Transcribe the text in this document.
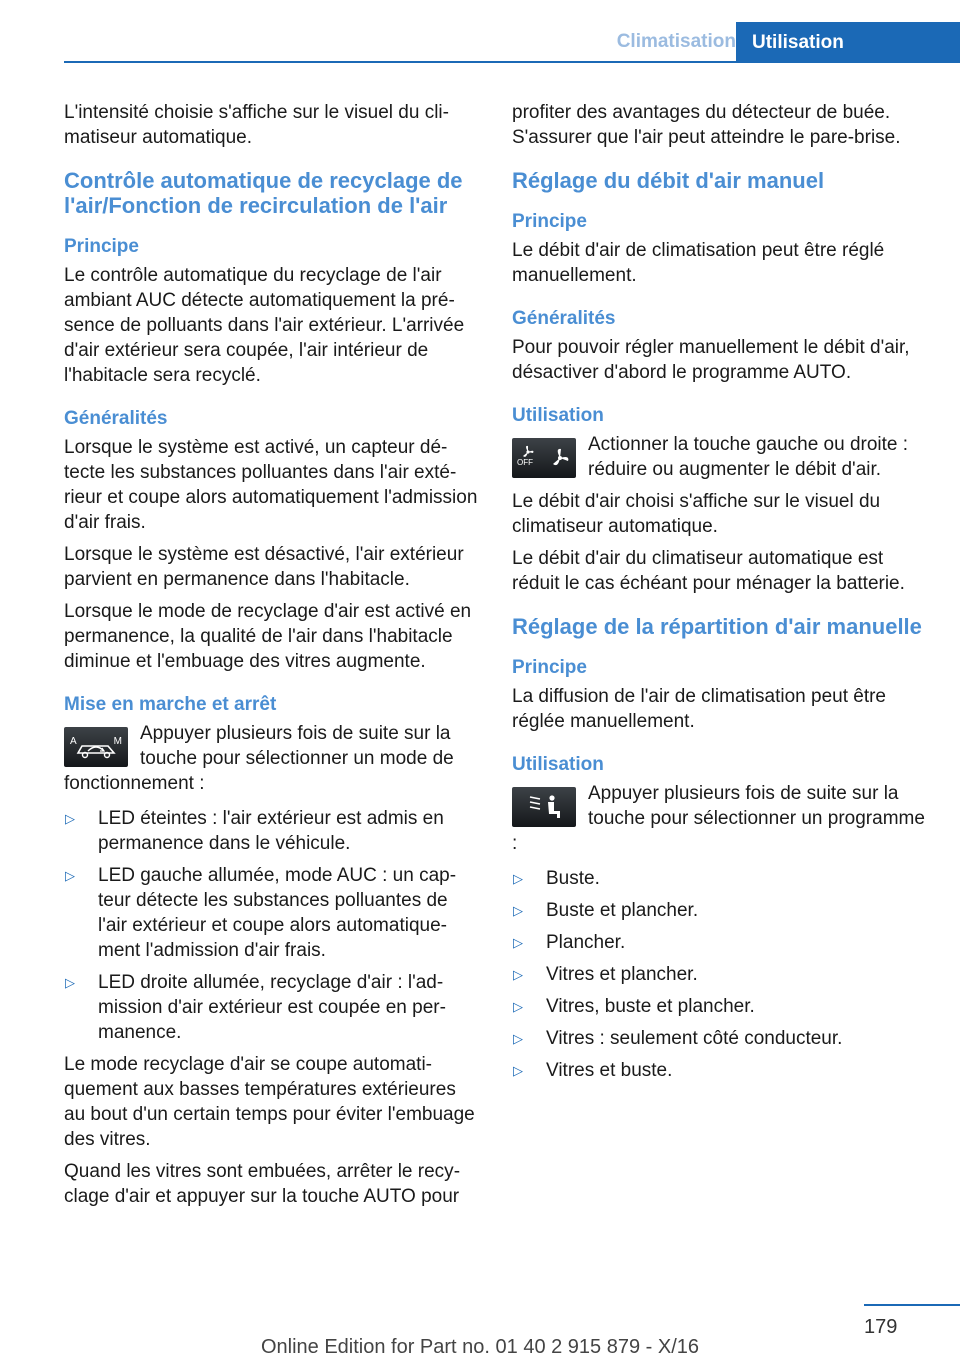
Climatisation Utilisation

L'intensité choisie s'affiche sur le visuel du climatiseur automatique.

Contrôle automatique de recyclage de l'air/Fonction de recirculation de l'air
Principe

Le contrôle automatique du recyclage de l'air ambiant AUC détecte automatiquement la présence de polluants dans l'air extérieur. L'arrivée d'air extérieur sera coupée, l'air intérieur de l'habitacle sera recyclé.

Généralités

Lorsque le système est activé, un capteur détecte les substances polluantes dans l'air extérieur et coupe alors automatiquement l'admission d'air frais.

Lorsque le système est désactivé, l'air extérieur parvient en permanence dans l'habitacle.

Lorsque le mode de recyclage d'air est activé en permanence, la qualité de l'air dans l'habitacle diminue et l'embuage des vitres augmente.

Mise en marche et arrêt
A	M Appuyer plusieurs fois de suite sur la touche pour sélectionner un mode de fonctionnement :
▷ LED éteintes : l'air extérieur est admis en permanence dans le véhicule.
▷ LED gauche allumée, mode AUC : un capteur détecte les substances polluantes de l'air extérieur et coupe alors automatiquement l'admission d'air frais.
▷ LED droite allumée, recyclage d'air : l'admission d'air extérieur est coupée en permanence.

Le mode recyclage d'air se coupe automatiquement aux basses températures extérieures au bout d'un certain temps pour éviter l'embuage des vitres.

Quand les vitres sont embuées, arrêter le recyclage d'air et appuyer sur la touche AUTO pour

profiter des avantages du détecteur de buée. S'assurer que l'air peut atteindre le pare-brise.

Réglage du débit d'air manuel
Principe

Le débit d'air de climatisation peut être réglé manuellement.

Généralités

Pour pouvoir régler manuellement le débit d'air, désactiver d'abord le programme AUTO.

Utilisation
OFF
Actionner la touche gauche ou droite : réduire ou augmenter le débit d'air.

Le débit d'air choisi s'affiche sur le visuel du climatiseur automatique.

Le débit d'air du climatiseur automatique est réduit le cas échéant pour ménager la batterie.

Réglage de la répartition d'air manuelle
Principe

La diffusion de l'air de climatisation peut être réglée manuellement.

Utilisation
Appuyer plusieurs fois de suite sur la touche pour sélectionner un programme :
▷ Buste.
▷ Buste et plancher.
▷ Plancher.
▷ Vitres et plancher.
▷ Vitres, buste et plancher.
▷ Vitres : seulement côté conducteur.
▷ Vitres et buste.
179
Online Edition for Part no. 01 40 2 915 879 - X/16
